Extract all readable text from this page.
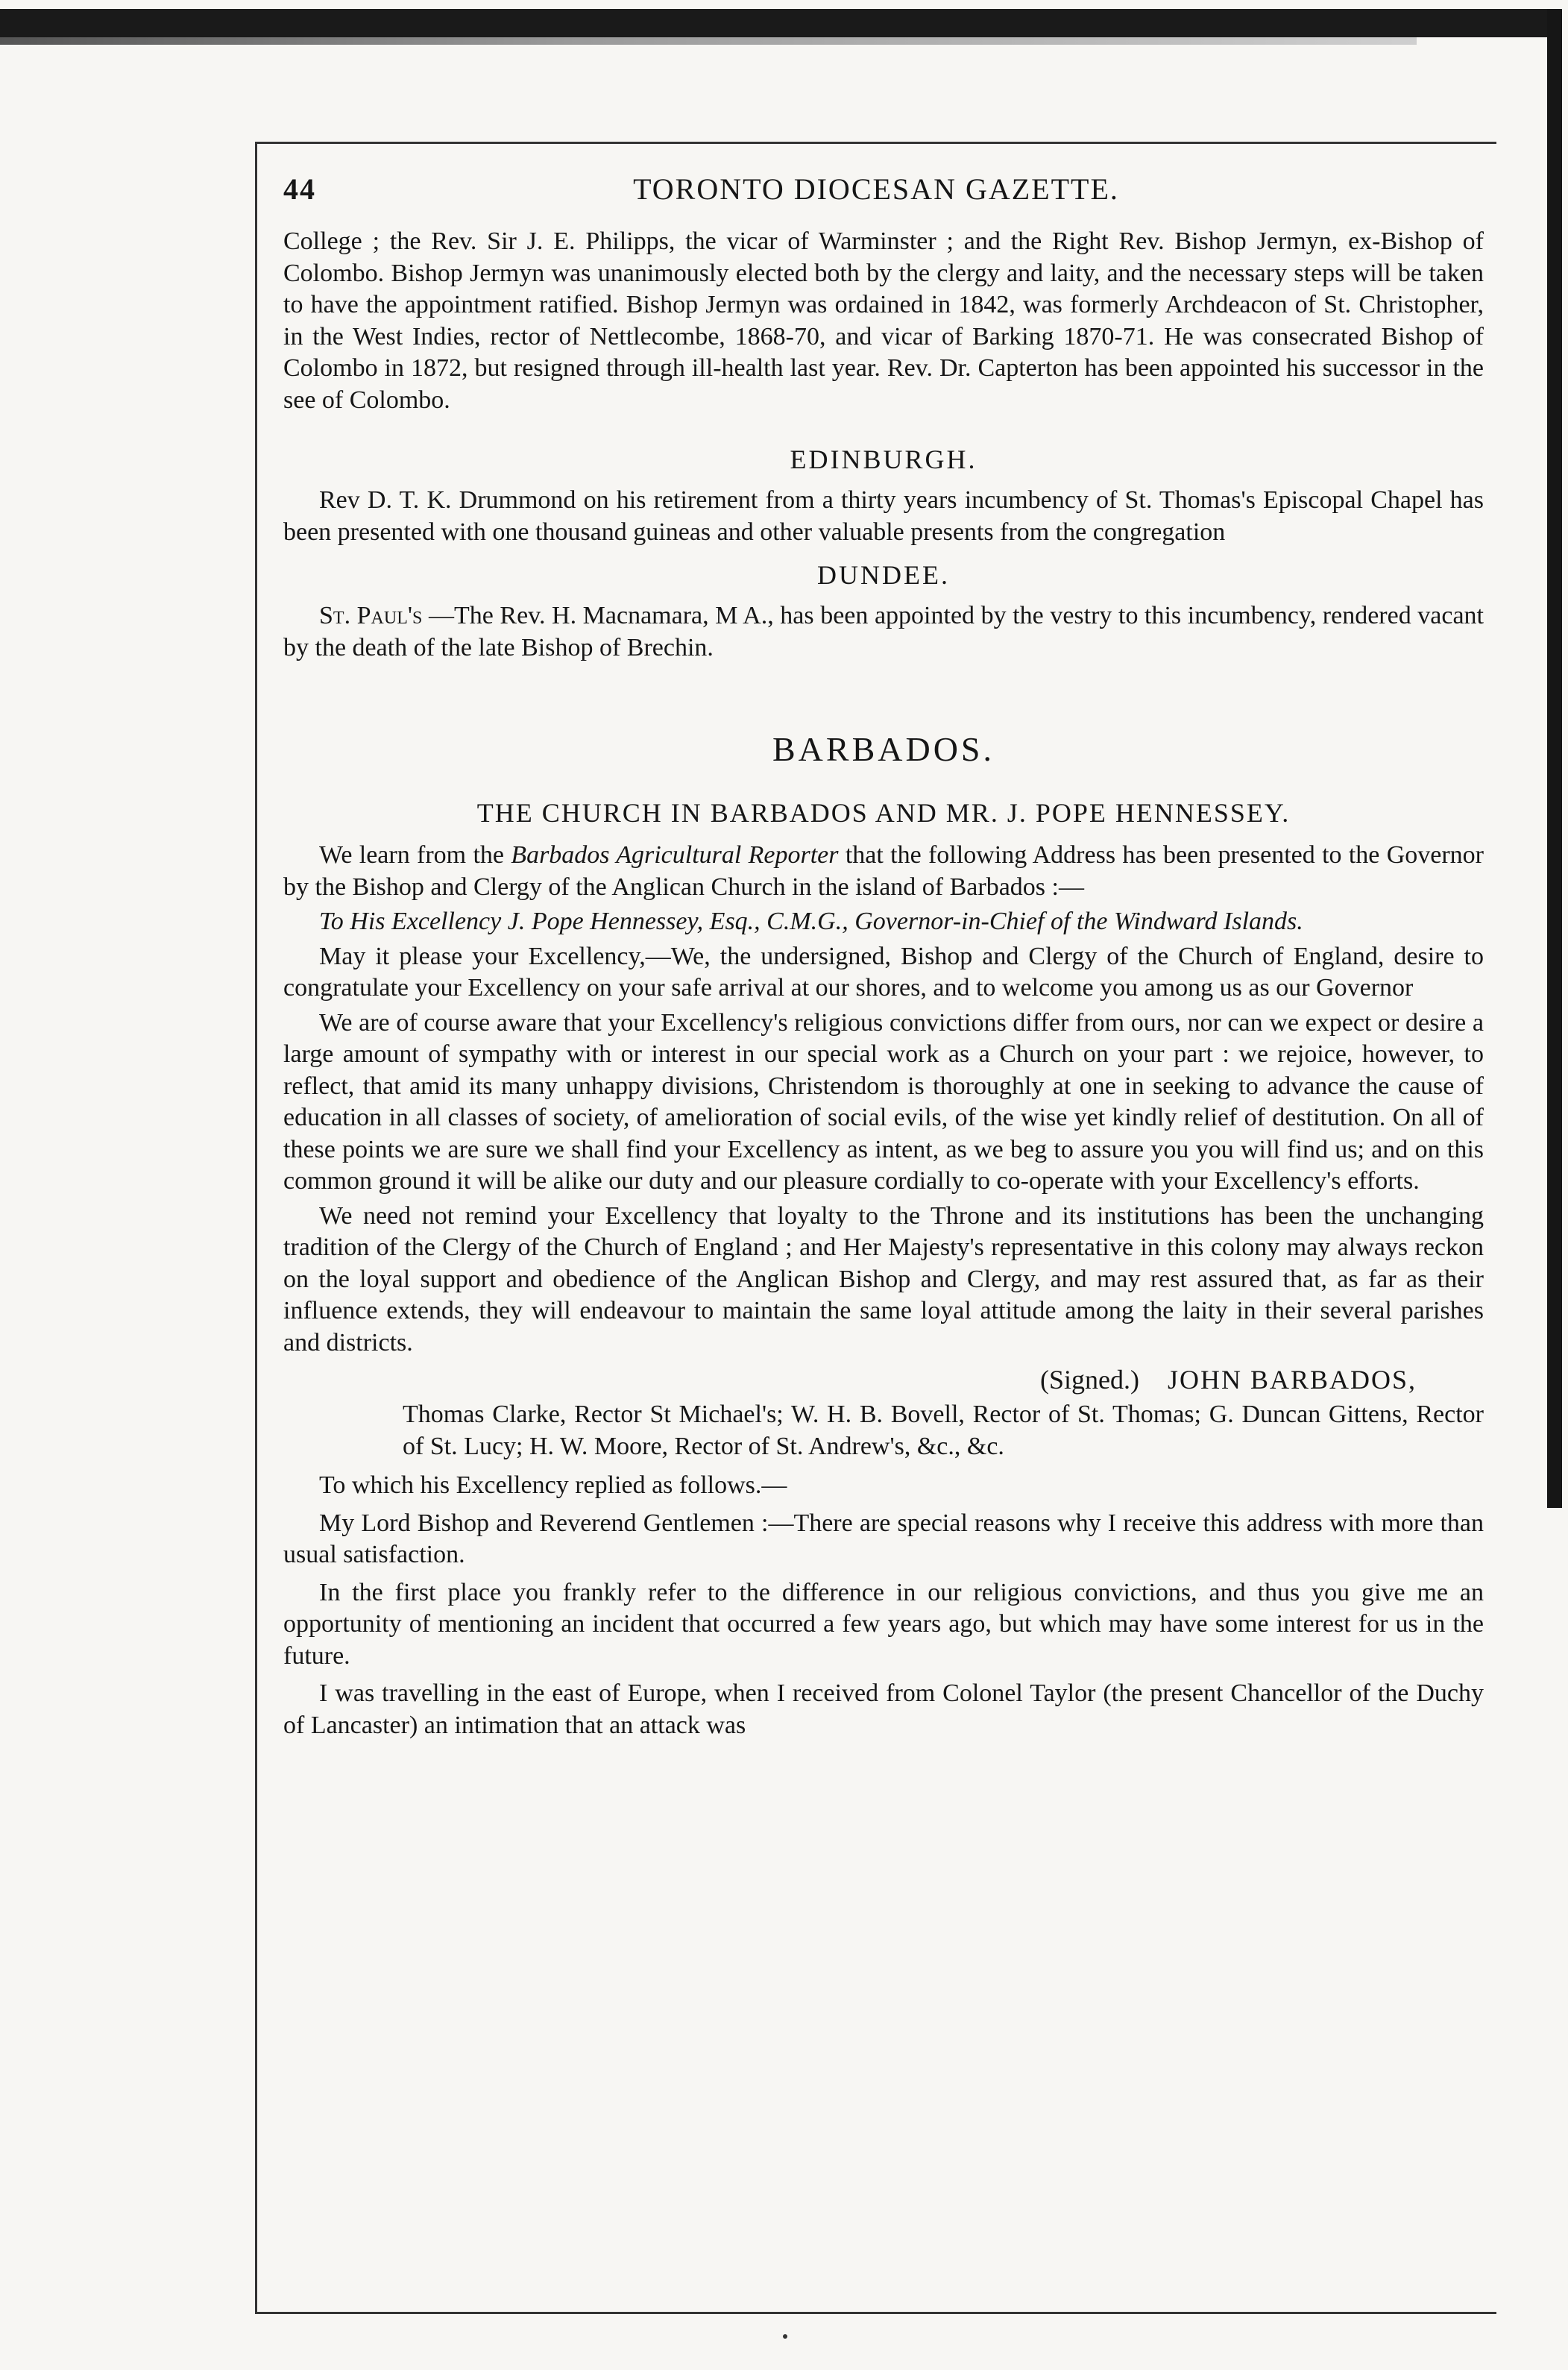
44	TORONTO DIOCESAN GAZETTE.

College ; the Rev. Sir J. E. Philipps, the vicar of Warminster ; and the Right Rev. Bishop Jermyn, ex-Bishop of Colombo. Bishop Jermyn was unanimously elected both by the clergy and laity, and the necessary steps will be taken to have the appointment ratified. Bishop Jermyn was ordained in 1842, was formerly Archdeacon of St. Christopher, in the West Indies, rector of Nettlecombe, 1868-70, and vicar of Barking 1870-71. He was consecrated Bishop of Colombo in 1872, but resigned through ill-health last year. Rev. Dr. Capterton has been appointed his successor in the see of Colombo.

EDINBURGH.

Rev D. T. K. Drummond on his retirement from a thirty years incumbency of St. Thomas's Episcopal Chapel has been presented with one thousand guineas and other valuable presents from the congregation

DUNDEE.

St. Paul's —The Rev. H. Macnamara, M A., has been appointed by the vestry to this incumbency, rendered vacant by the death of the late Bishop of Brechin.

BARBADOS.
THE CHURCH IN BARBADOS AND MR. J. POPE HENNESSEY.

We learn from the Barbados Agricultural Reporter that the following Address has been presented to the Governor by the Bishop and Clergy of the Anglican Church in the island of Barbados :—

To His Excellency J. Pope Hennessey, Esq., C.M.G., Governor-in-Chief of the Windward Islands.

May it please your Excellency,—We, the undersigned, Bishop and Clergy of the Church of England, desire to congratulate your Excellency on your safe arrival at our shores, and to welcome you among us as our Governor

We are of course aware that your Excellency's religious convictions differ from ours, nor can we expect or desire a large amount of sympathy with or interest in our special work as a Church on your part : we rejoice, however, to reflect, that amid its many unhappy divisions, Christendom is thoroughly at one in seeking to advance the cause of education in all classes of society, of amelioration of social evils, of the wise yet kindly relief of destitution. On all of these points we are sure we shall find your Excellency as intent, as we beg to assure you you will find us; and on this common ground it will be alike our duty and our pleasure cordially to co-operate with your Excellency's efforts.

We need not remind your Excellency that loyalty to the Throne and its institutions has been the unchanging tradition of the Clergy of the Church of England ; and Her Majesty's representative in this colony may always reckon on the loyal support and obedience of the Anglican Bishop and Clergy, and may rest assured that, as far as their influence extends, they will endeavour to maintain the same loyal attitude among the laity in their several parishes and districts.

(Signed.) JOHN BARBADOS,
Thomas Clarke, Rector St Michael's; W. H. B. Bovell, Rector of St. Thomas; G. Duncan Gittens, Rector of St. Lucy; H. W. Moore, Rector of St. Andrew's, &c., &c.

To which his Excellency replied as follows.—

My Lord Bishop and Reverend Gentlemen :—There are special reasons why I receive this address with more than usual satisfaction.

In the first place you frankly refer to the difference in our religious convictions, and thus you give me an opportunity of mentioning an incident that occurred a few years ago, but which may have some interest for us in the future.

I was travelling in the east of Europe, when I received from Colonel Taylor (the present Chancellor of the Duchy of Lancaster) an intimation that an attack was
